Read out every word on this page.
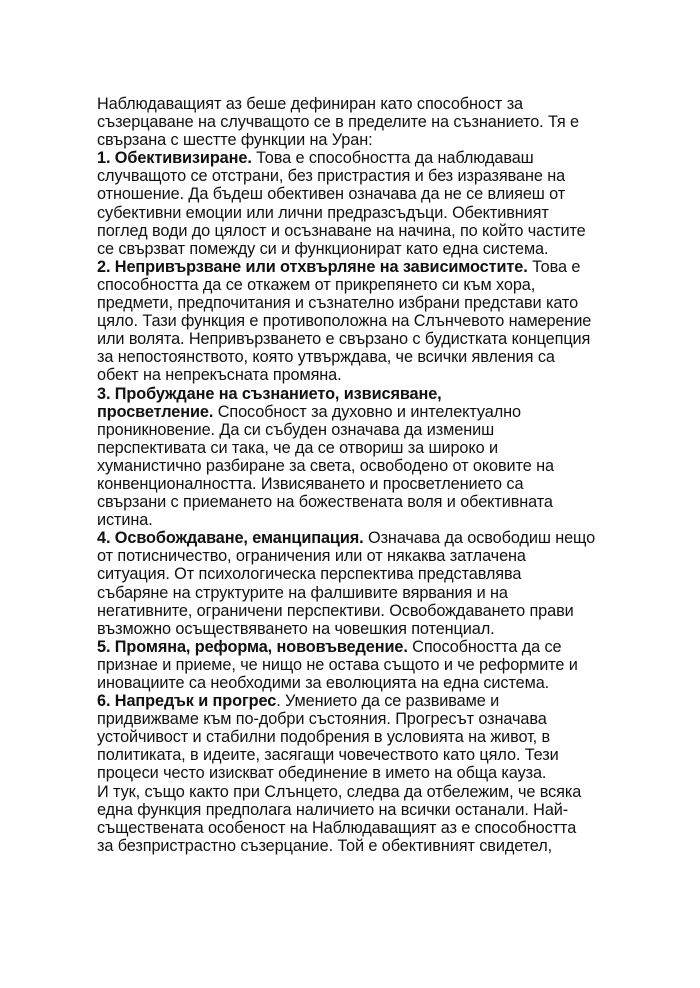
Наблюдаващият аз беше дефиниран като способност за
съзерцаване на случващото се в пределите на съзнанието. Тя е
свързана с шестте функции на Уран:
1. Обективизиране. Това е способността да наблюдаваш
случващото се отстрани, без пристрастия и без изразяване на
отношение. Да бъдеш обективен означава да не се влияеш от
субективни емоции или лични предразсъдъци. Обективният
поглед води до цялост и осъзнаване на начина, по който частите
се свързват помежду си и функционират като една система.
2. Непривързване или отхвърляне на зависимостите. Това е
способността да се откажем от прикрепянето си към хора,
предмети, предпочитания и съзнателно избрани представи като
цяло. Тази функция е противоположна на Слънчевото намерение
или волята. Непривързването е свързано с будистката концепция
за непостоянството, която утвърждава, че всички явления са
обект на непрекъсната промяна.
3. Пробуждане на съзнанието, извисяване,
просветление. Способност за духовно и интелектуално
проникновение. Да си събуден означава да измениш
перспективата си така, че да се отвориш за широко и
хуманистично разбиране за света, освободено от оковите на
конвенционалността. Извисяването и просветлението са
свързани с приемането на божествената воля и обективната
истина.
4. Освобождаване, еманципация. Означава да освободиш нещо
от потисничество, ограничения или от някаква затлачена
ситуация. От психологическа перспектива представлява
събаряне на структурите на фалшивите вярвания и на
негативните, ограничени перспективи. Освобождаването прави
възможно осъществяването на човешкия потенциал.
5. Промяна, реформа, нововъведение. Способността да се
признае и приеме, че нищо не остава същото и че реформите и
иновациите са необходими за еволюцията на една система.
6. Напредък и прогрес. Умението да се развиваме и
придвижваме към по-добри състояния. Прогресът означава
устойчивост и стабилни подобрения в условията на живот, в
политиката, в идеите, засягащи човечеството като цяло. Тези
процеси често изискват обединение в името на обща кауза.
И тук, също както при Слънцето, следва да отбележим, че всяка
една функция предполага наличието на всички останали. Най-
съществената особеност на Наблюдаващият аз е способността
за безпристрастно съзерцание. Той е обективният свидетел,
